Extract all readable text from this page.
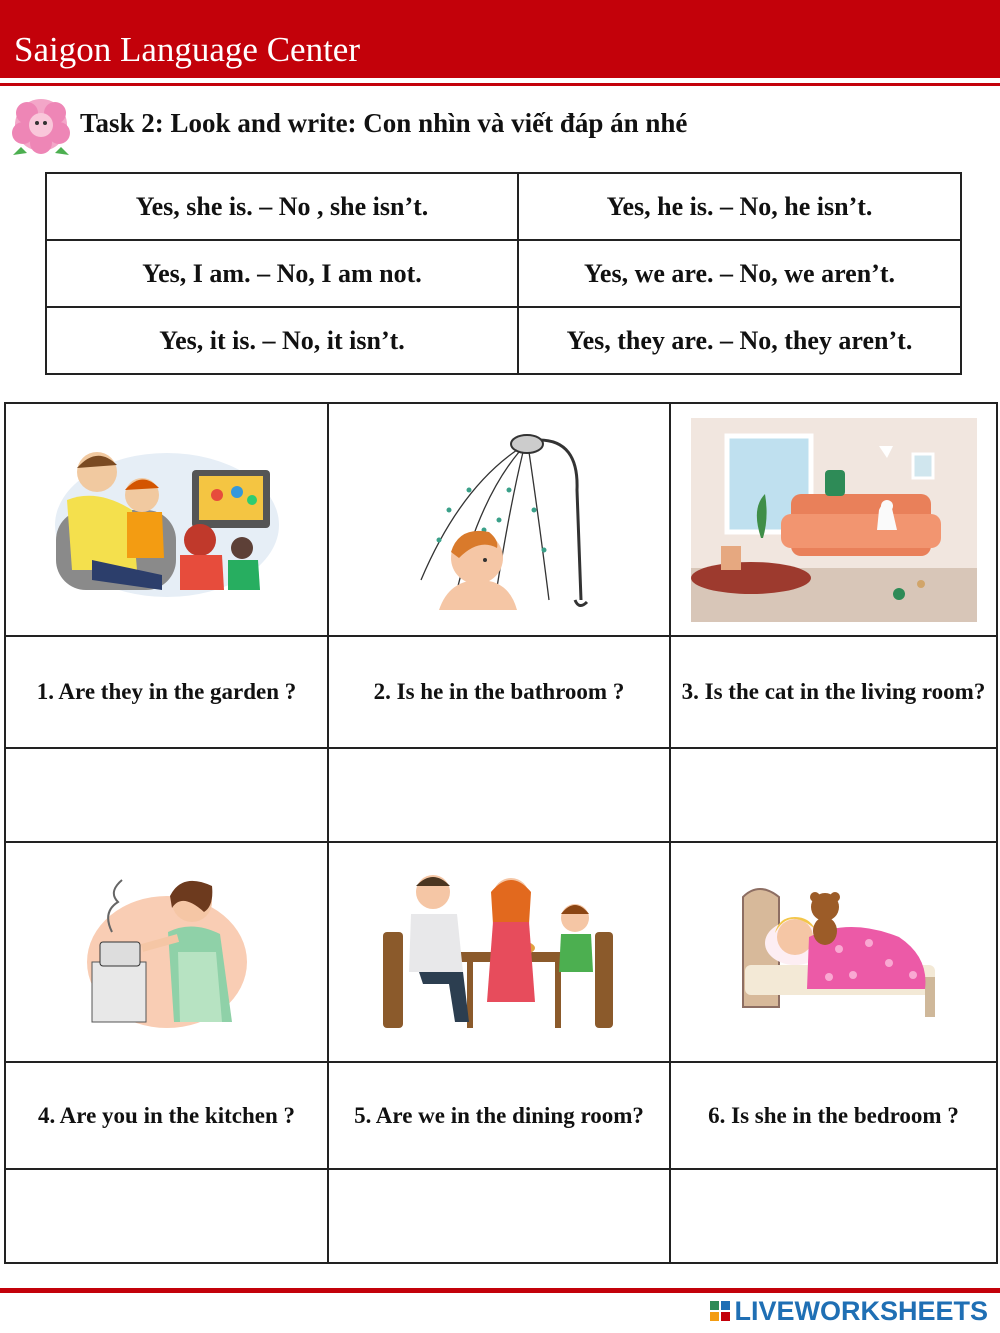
Saigon Language Center
Task 2: Look and write: Con nhìn và viết đáp án nhé
Yes, she is. – No , she isn’t.	Yes, he is. – No, he isn’t.
Yes, I am. – No, I am not.	Yes, we are. – No, we aren’t.
Yes, it is. – No, it isn’t.	Yes, they are. – No, they aren’t.

1. Are they in the garden ?	2. Is he in the bathroom ?	3. Is the cat in the living room?

4. Are you in the kitchen ?	5. Are we in the dining room?	6. Is she in the bedroom ?

LIVEWORKSHEETS
